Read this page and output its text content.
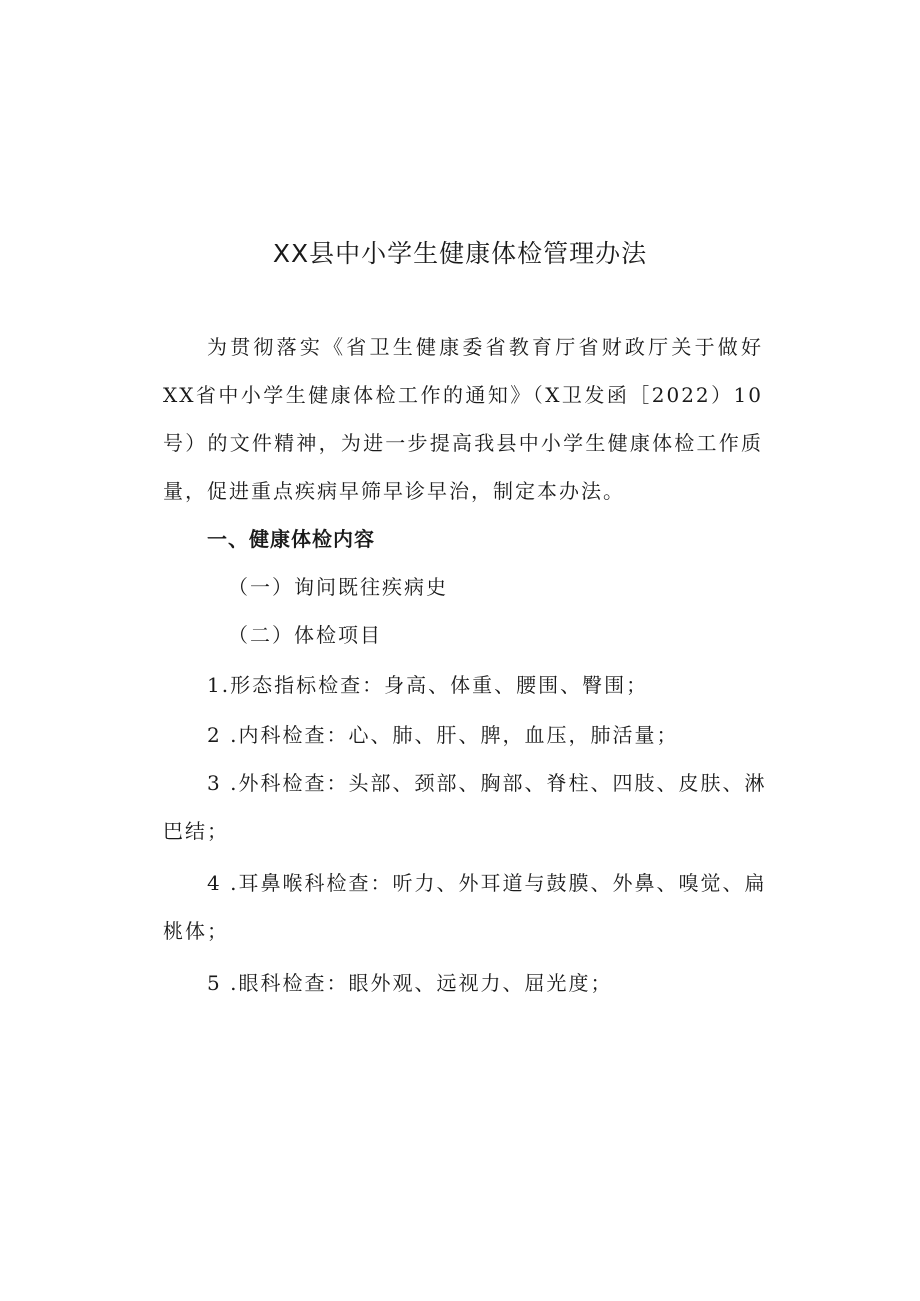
XX县中小学生健康体检管理办法

为贯彻落实《省卫生健康委省教育厅省财政厅关于做好XX省中小学生健康体检工作的通知》（X卫发函［2022）10号）的文件精神，为进一步提高我县中小学生健康体检工作质量，促进重点疾病早筛早诊早治，制定本办法。

一、健康体检内容

（一）询问既往疾病史

（二）体检项目

1.形态指标检查：身高、体重、腰围、臀围；

2 .内科检查：心、肺、肝、脾，血压，肺活量；

3 .外科检查：头部、颈部、胸部、脊柱、四肢、皮肤、淋巴结；

4 .耳鼻喉科检查：听力、外耳道与鼓膜、外鼻、嗅觉、扁桃体；

5 .眼科检查：眼外观、远视力、屈光度；
